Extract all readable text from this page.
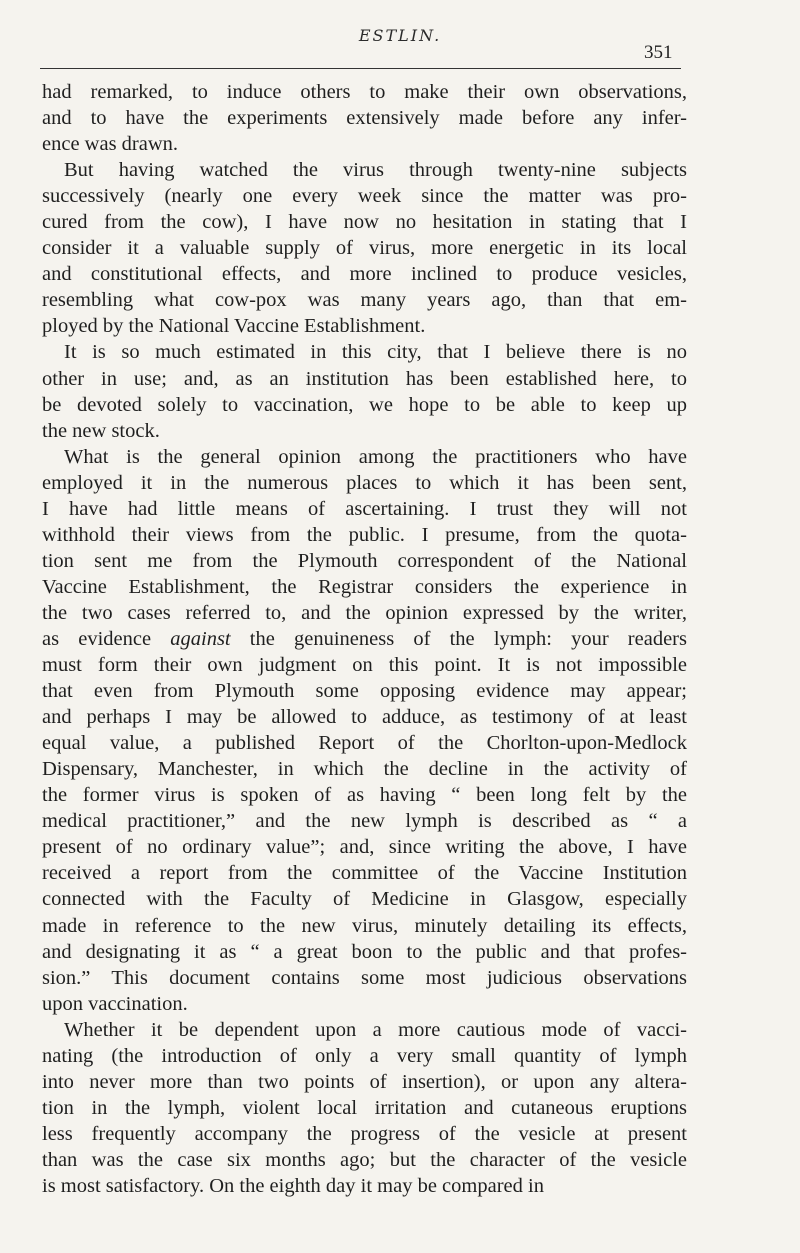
ESTLIN.
351
had remarked, to induce others to make their own observations,
and to have the experiments extensively made before any infer-
ence was drawn.
But having watched the virus through twenty-nine subjects
successively (nearly one every week since the matter was pro-
cured from the cow), I have now no hesitation in stating that I
consider it a valuable supply of virus, more energetic in its local
and constitutional effects, and more inclined to produce vesicles,
resembling what cow-pox was many years ago, than that em-
ployed by the National Vaccine Establishment.
It is so much estimated in this city, that I believe there is no
other in use; and, as an institution has been established here, to
be devoted solely to vaccination, we hope to be able to keep up
the new stock.
What is the general opinion among the practitioners who have
employed it in the numerous places to which it has been sent,
I have had little means of ascertaining. I trust they will not
withhold their views from the public. I presume, from the quota-
tion sent me from the Plymouth correspondent of the National
Vaccine Establishment, the Registrar considers the experience in
the two cases referred to, and the opinion expressed by the writer,
as evidence against the genuineness of the lymph: your readers
must form their own judgment on this point. It is not impossible
that even from Plymouth some opposing evidence may appear;
and perhaps I may be allowed to adduce, as testimony of at least
equal value, a published Report of the Chorlton-upon-Medlock
Dispensary, Manchester, in which the decline in the activity of
the former virus is spoken of as having “ been long felt by the
medical practitioner,” and the new lymph is described as “ a
present of no ordinary value”; and, since writing the above, I have
received a report from the committee of the Vaccine Institution
connected with the Faculty of Medicine in Glasgow, especially
made in reference to the new virus, minutely detailing its effects,
and designating it as “ a great boon to the public and that profes-
sion.” This document contains some most judicious observations
upon vaccination.
Whether it be dependent upon a more cautious mode of vacci-
nating (the introduction of only a very small quantity of lymph
into never more than two points of insertion), or upon any altera-
tion in the lymph, violent local irritation and cutaneous eruptions
less frequently accompany the progress of the vesicle at present
than was the case six months ago; but the character of the vesicle
is most satisfactory. On the eighth day it may be compared in
